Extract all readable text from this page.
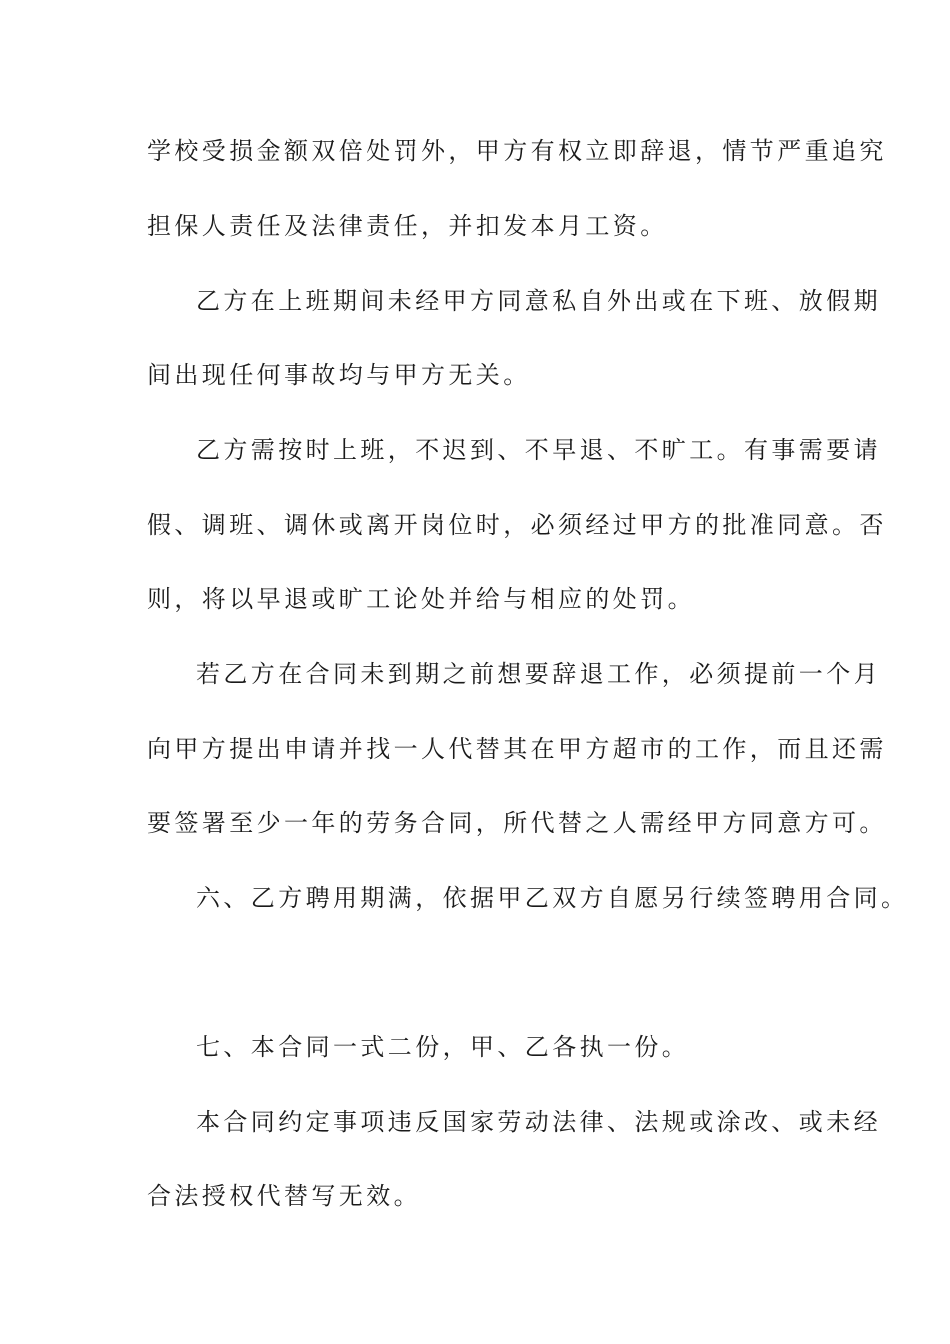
学校受损金额双倍处罚外，甲方有权立即辞退，情节严重追究

担保人责任及法律责任，并扣发本月工资。

乙方在上班期间未经甲方同意私自外出或在下班、放假期

间出现任何事故均与甲方无关。

乙方需按时上班，不迟到、不早退、不旷工。有事需要请

假、调班、调休或离开岗位时，必须经过甲方的批准同意。否

则，将以早退或旷工论处并给与相应的处罚。

若乙方在合同未到期之前想要辞退工作，必须提前一个月

向甲方提出申请并找一人代替其在甲方超市的工作，而且还需

要签署至少一年的劳务合同，所代替之人需经甲方同意方可。

六、乙方聘用期满，依据甲乙双方自愿另行续签聘用合同。

七、本合同一式二份，甲、乙各执一份。

本合同约定事项违反国家劳动法律、法规或涂改、或未经

合法授权代替写无效。
